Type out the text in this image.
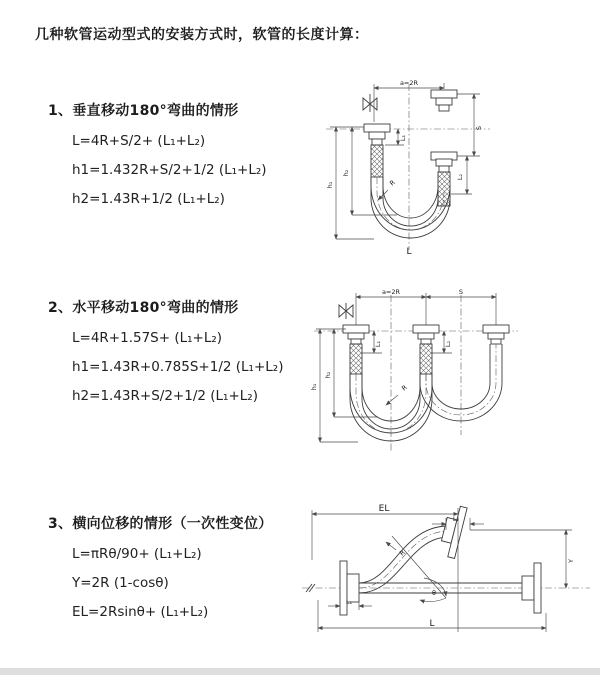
几种软管运动型式的安装方式时，软管的长度计算：
1、垂直移动180°弯曲的情形
L=4R+S/2+ (L₁+L₂)
h1=1.432R+S/2+1/2 (L₁+L₂)
h2=1.43R+1/2 (L₁+L₂)
a=2R
R
S
L₂
L₁
h₂
h₁
L
2、水平移动180°弯曲的情形
L=4R+1.57S+ (L₁+L₂)
h1=1.43R+0.785S+1/2 (L₁+L₂)
h2=1.43R+S/2+1/2 (L₁+L₂)
a=2R	S
L₁	L₂
h₂
h₁	R
3、横向位移的情形（一次性变位）
L=πRθ/90+ (L₁+L₂)
Y=2R (1-cosθ)
EL=2Rsinθ+ (L₁+L₂)
EL
L₂
Y
R
θ
L₁
L
